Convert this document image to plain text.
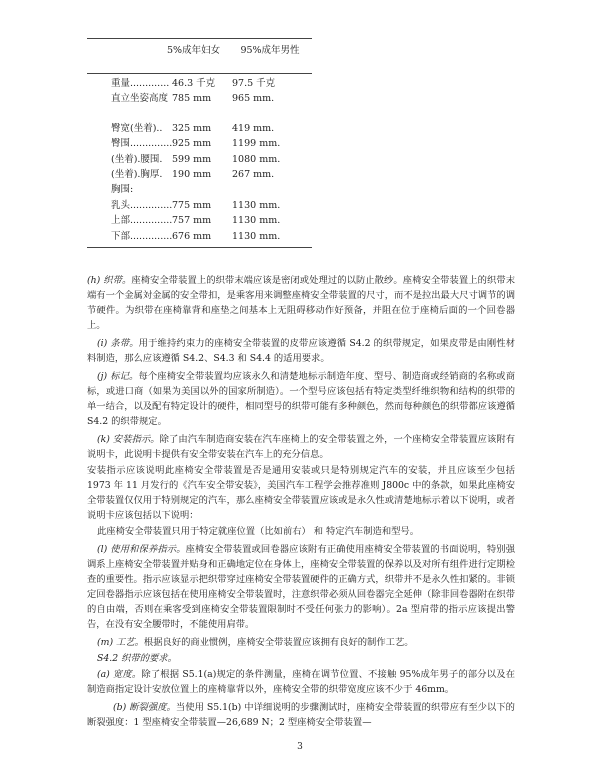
5%成年妇女	95%成年男性
重量............. 46.3 千克 97.5 千克
直立坐姿高度 785 mm 965 mm.
臀宽(坐着).. 325 mm 419 mm.
臀围.............. 925 mm 1199 mm.
(坐着).腰围. 599 mm 1080 mm.
(坐着).胸厚. 190 mm 267 mm.
胸围:
乳头.............. 775 mm 1130 mm.
上部.............. 757 mm 1130 mm.
下部.............. 676 mm 1130 mm.

(h) 织带。座椅安全带装置上的织带末端应该是密闭或处理过的以防止散纱。座椅安全带装置上的织带末端有一个金属対金属的安全带扣，是乘客用来调整座椅安全带装置的尺寸，而不是拉出最大尺寸调节的调节硬件。为织带在座椅靠背和座垫之间基本上无阻碍移动作好预备，并阻在位于座椅后面的一个回卷器上。

(i) 条带。用于维持约束力的座椅安全带装置的皮带应该遵循 S4.2 的织带规定，如果皮带是由刚性材料制造，那么应该遵循 S4.2、S4.3 和 S4.4 的适用要求。

(j) 标记。每个座椅安全带装置均应该永久和清楚地标示制造年度、型号、制造商或经销商的名称或商标，或进口商（如果为美国以外的国家所制造）。一个型号应该包括有特定类型纤维织物和结构的织带的单一结合，以及配有特定设计的硬件，相同型号的织带可能有多种颜色，然而每种颜色的织带都应该遵循 S4.2 的织带规定。

(k) 安装指示。除了由汽车制造商安装在汽车座椅上的安全带装置之外，一个座椅安全带装置应该附有说明卡，此说明卡提供有安全带安装在汽车上的充分信息。

安装指示应该说明此座椅安全带装置是否是通用安装或只是特别规定汽车的安装，并且应该至少包括 1973 年 11 月发行的《汽车安全带安装》，美国汽车工程学会推荐准则 J800c 中的条款，如果此座椅安全带装置仅仅用于特别规定的汽车，那么座椅安全带装置应该或是永久性或清楚地标示着以下说明，或者说明卡应该包括以下说明：

此座椅安全带装置只用于特定就座位置（比如前右） 和 特定汽车制造和型号。

(l) 使用和保养指示。座椅安全带装置或回卷器应该附有正确使用座椅安全带装置的书面说明，特别强调系上座椅安全带装置并贴身和正确地定位在身体上，座椅安全带装置的保养以及对所有组件进行定期检查的重要性。指示应该显示把织带穿过座椅安全带装置硬件的正确方式，织带并不是永久性扣紧的。非锁定回卷器指示应该包括在使用座椅安全带装置时，注意织带必须从回卷器完全延伸（除非回卷器附在织带的自由端，否则在乘客受到座椅安全带装置限制时不受任何张力的影响）。2a 型肩带的指示应该提出警告，在没有安全腰带时，不能使用肩带。

(m) 工艺。根据良好的商业惯例，座椅安全带装置应该拥有良好的制作工艺。

S4.2 织带的要求。

(a) 宽度。除了根据 S5.1(a)规定的条件测量，座椅在调节位置、不接触 95%成年男子的部分以及在制造商指定设计安放位置上的座椅靠背以外，座椅安全带的织带宽度应该不少于 46mm。

(b) 断裂强度。当使用 S5.1(b) 中详细说明的步骤测试时，座椅安全带装置的织带应有至少以下的断裂强度：1 型座椅安全带装置—26,689 N；2 型座椅安全带装置—

3
